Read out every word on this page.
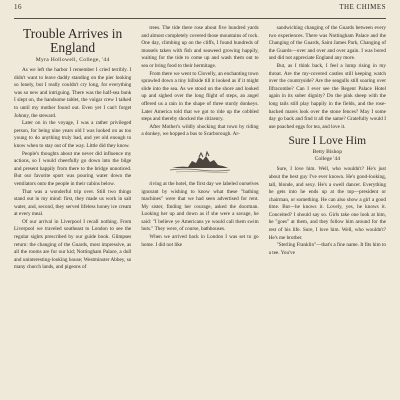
16	THE CHIMES
Trouble Arrives in
England
Myra Hollowell, College, '44

As we left the harbor I remember I cried terribly. I didn't want to leave daddy standing on the pier looking so lonely, but I really couldn't cry long, for everything was so new and intriguing. There was the half-sea bunk I slept on, the handsome tablet, the vulgar crew I talked to until my mother found out. Even yet I can't forget Johnny, the steward.

Later on in the voyage, I was a rather privileged person, for being nine years old I was looked on as too young to do anything truly bad, and yet old enough to know when to stay out of the way. Little did they know.

People's thoughts about me never did influence my actions, so I would cheerfully go down into the bilge and present happily from there to the bridge unnoticed. But our favorite sport was pouring water down the ventilators onto the people in their cabins below.

That was a wonderful trip over. Still two things stand out in my mind: first, they made us work in salt water, and, second, they served lifeless honey ice cream at every meal.

Of our arrival in Liverpool I recall nothing. From Liverpool we traveled southeast to London to see the regular sights prescribed by our guide book. Glimpses return: the changing of the Guards, most impressive, as all the rooms are for our kid; Nottingham Palace, a dull and uninteresting-looking house; Westminster Abbey, so many church lands, and pigeons of

trees. The tide there rose about five hundred yards and almost completely covered those mountains of rock. One day, climbing up on the cliffs, I found hundreds of mussels taken with fish and seaweed growing happily, waiting for the tide to come up and wash them out to sea or bring food to their hermitage.

From there we went to Clovelly, an enchanting town sprawled down a tiny hillside till it looked as if it might slide into the sea. As we stood on the shore and looked up and sighed over the long flight of steps, an angel offered us a rain in the shape of three sturdy donkeys. Later America told that we got to ride up the cobbled steps and thereby shocked the citizenry.

After Mother's wildly shocking that town by riding a donkey, we hopped a bus to Scarborough. Ar-

riving at the hotel, the first day we labeled ourselves ignorant by wishing to know what these "bathing machines" were that we had seen advertised for rent. My sister, finding her courage, asked the doorman. Looking her up and down as if she were a savage, he said: "I believe ye Americans ye would call them swim huts." They were, of course, bathhouses.

When we arrived back in London I was set to go home. I did not like

sandwiching changing of the Guards between every two experiences. There was Nottingham Palace and the Changing of the Guards, Saint James Park, Changing of the Guards—over and over and over again. I was bored and did not appreciate England any more.

But, as I think back, I feel a lump rising in my throat. Are the my-covered castles still keeping watch over the countryside? Are the seagulls still soaring over Ilfracombe? Can I ever see the Regent Palace Hotel again in its sober dignity? Do the pink sheep with the long tails still play happily in the fields, and the rose-backed mares look over the stone fences? May I some day go back and find it all the same? Gratefully would I use poached eggs for tea, and love it.

Sure I Love Him
Betty Bishop
College '44

Sure, I love him. Well, who wouldn't? He's just about the best guy I've ever known. He's good-looking, tall, blonde, and sexy. He's a swell dancer. Everything he gets into he ends up at the top—president or chairman, or something. He can also show a girl a good time. But—he knows it. Lovely, yes, he knows it. Conceited? I should say so. Girls take one look at him, he "goes" at them, and they follow him around for the rest of his life. Sure, I love him. Well, who wouldn't? He's me brother.

"Sterling Franklin"—that's a fine name. It fits him to a tee. You've
